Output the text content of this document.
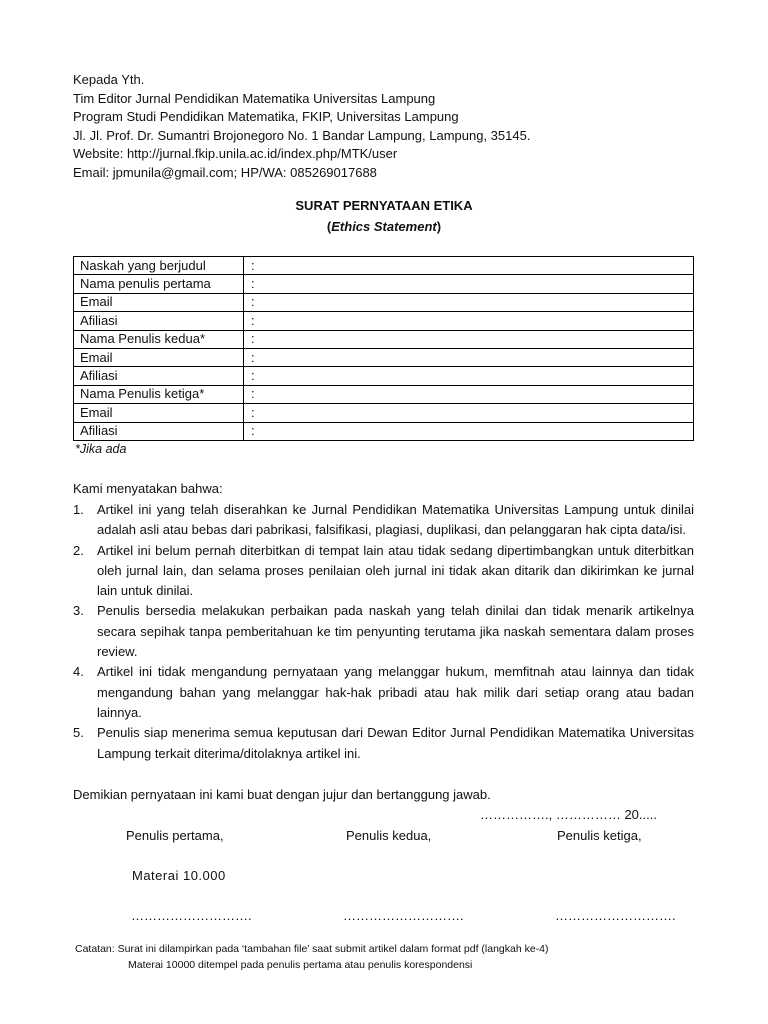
Kepada Yth.
Tim Editor Jurnal Pendidikan Matematika Universitas Lampung
Program Studi Pendidikan Matematika, FKIP, Universitas Lampung
Jl. Jl. Prof. Dr. Sumantri Brojonegoro No. 1 Bandar Lampung, Lampung, 35145.
Website: http://jurnal.fkip.unila.ac.id/index.php/MTK/user
Email: jpmunila@gmail.com; HP/WA: 085269017688
SURAT PERNYATAAN ETIKA
(Ethics Statement)
Naskah yang berjudul	:
Nama penulis pertama	:
Email	:
Afiliasi	:
Nama Penulis kedua*	:
Email	:
Afiliasi	:
Nama Penulis ketiga*	:
Email	:
Afiliasi	:
*Jika ada
Kami menyatakan bahwa:
1. Artikel ini yang telah diserahkan ke Jurnal Pendidikan Matematika Universitas Lampung untuk dinilai adalah asli atau bebas dari pabrikasi, falsifikasi, plagiasi, duplikasi, dan pelanggaran hak cipta data/isi.
2. Artikel ini belum pernah diterbitkan di tempat lain atau tidak sedang dipertimbangkan untuk diterbitkan oleh jurnal lain, dan selama proses penilaian oleh jurnal ini tidak akan ditarik dan dikirimkan ke jurnal lain untuk dinilai.
3. Penulis bersedia melakukan perbaikan pada naskah yang telah dinilai dan tidak menarik artikelnya secara sepihak tanpa pemberitahuan ke tim penyunting terutama jika naskah sementara dalam proses review.
4. Artikel ini tidak mengandung pernyataan yang melanggar hukum, memfitnah atau lainnya dan tidak mengandung bahan yang melanggar hak-hak pribadi atau hak milik dari setiap orang atau badan lainnya.
5. Penulis siap menerima semua keputusan dari Dewan Editor Jurnal Pendidikan Matematika Universitas Lampung terkait diterima/ditolaknya artikel ini.
Demikian pernyataan ini kami buat dengan jujur dan bertanggung jawab.
……………., …………… 20.....
Penulis pertama,	Penulis kedua,	Penulis ketiga,
Materai 10.000
……………………….	……………………….	……………………….
Catatan: Surat ini dilampirkan pada ‘tambahan file’ saat submit artikel dalam format pdf (langkah ke-4)
Materai 10000 ditempel pada penulis pertama atau penulis korespondensi
